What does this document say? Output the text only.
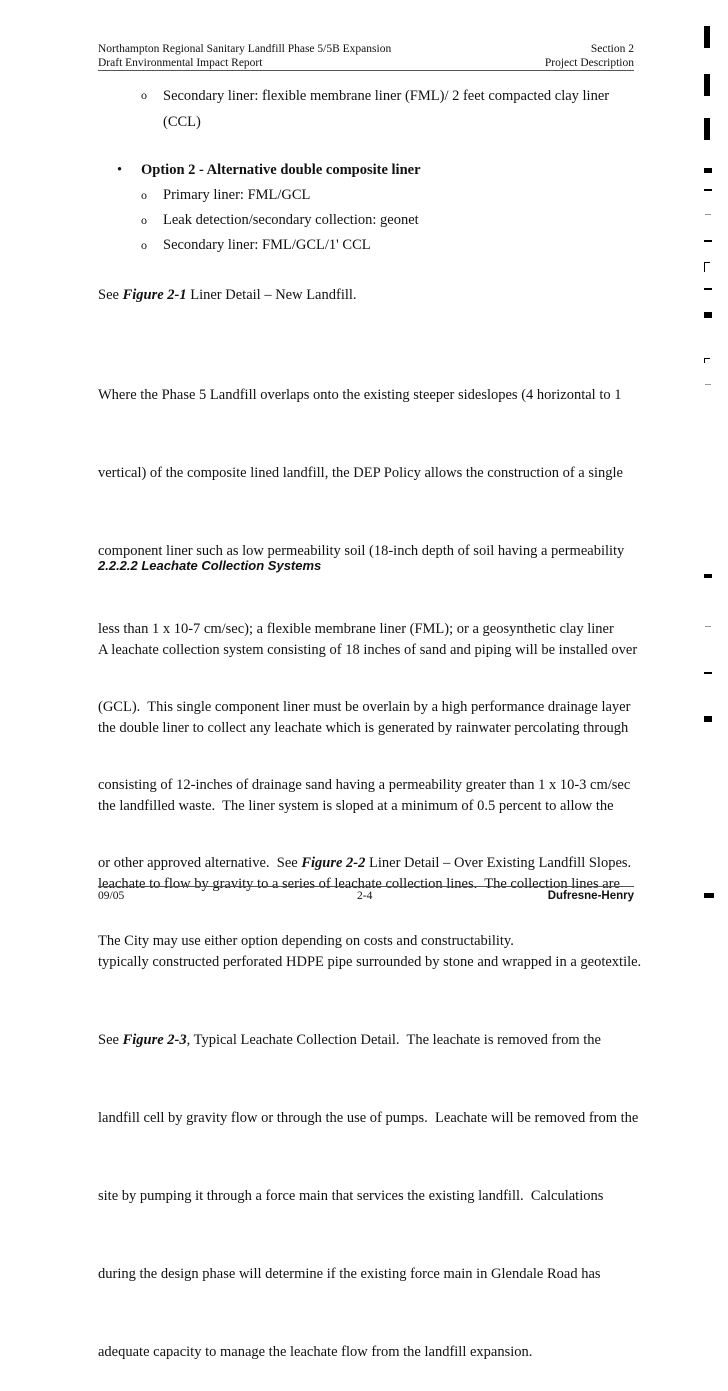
Northampton Regional Sanitary Landfill Phase 5/5B Expansion
Draft Environmental Impact Report
Section 2
Project Description
o Secondary liner: flexible membrane liner (FML)/ 2 feet compacted clay liner
(CCL)
• Option 2 - Alternative double composite liner
o Primary liner: FML/GCL
o Leak detection/secondary collection: geonet
o Secondary liner: FML/GCL/1' CCL
See Figure 2-1 Liner Detail – New Landfill.

Where the Phase 5 Landfill overlaps onto the existing steeper sideslopes (4 horizontal to 1

vertical) of the composite lined landfill, the DEP Policy allows the construction of a single

component liner such as low permeability soil (18-inch depth of soil having a permeability

less than 1 x 10-7 cm/sec); a flexible membrane liner (FML); or a geosynthetic clay liner

(GCL).  This single component liner must be overlain by a high performance drainage layer

consisting of 12-inches of drainage sand having a permeability greater than 1 x 10-3 cm/sec

or other approved alternative.  See Figure 2-2 Liner Detail – Over Existing Landfill Slopes.

The City may use either option depending on costs and constructability.

2.2.2.2 Leachate Collection Systems

A leachate collection system consisting of 18 inches of sand and piping will be installed over

the double liner to collect any leachate which is generated by rainwater percolating through

the landfilled waste.  The liner system is sloped at a minimum of 0.5 percent to allow the

leachate to flow by gravity to a series of leachate collection lines.  The collection lines are

typically constructed perforated HDPE pipe surrounded by stone and wrapped in a geotextile.

See Figure 2-3, Typical Leachate Collection Detail.  The leachate is removed from the

landfill cell by gravity flow or through the use of pumps.  Leachate will be removed from the

site by pumping it through a force main that services the existing landfill.  Calculations

during the design phase will determine if the existing force main in Glendale Road has

adequate capacity to manage the leachate flow from the landfill expansion.

09/05	2-4	Dufresne-Henry
